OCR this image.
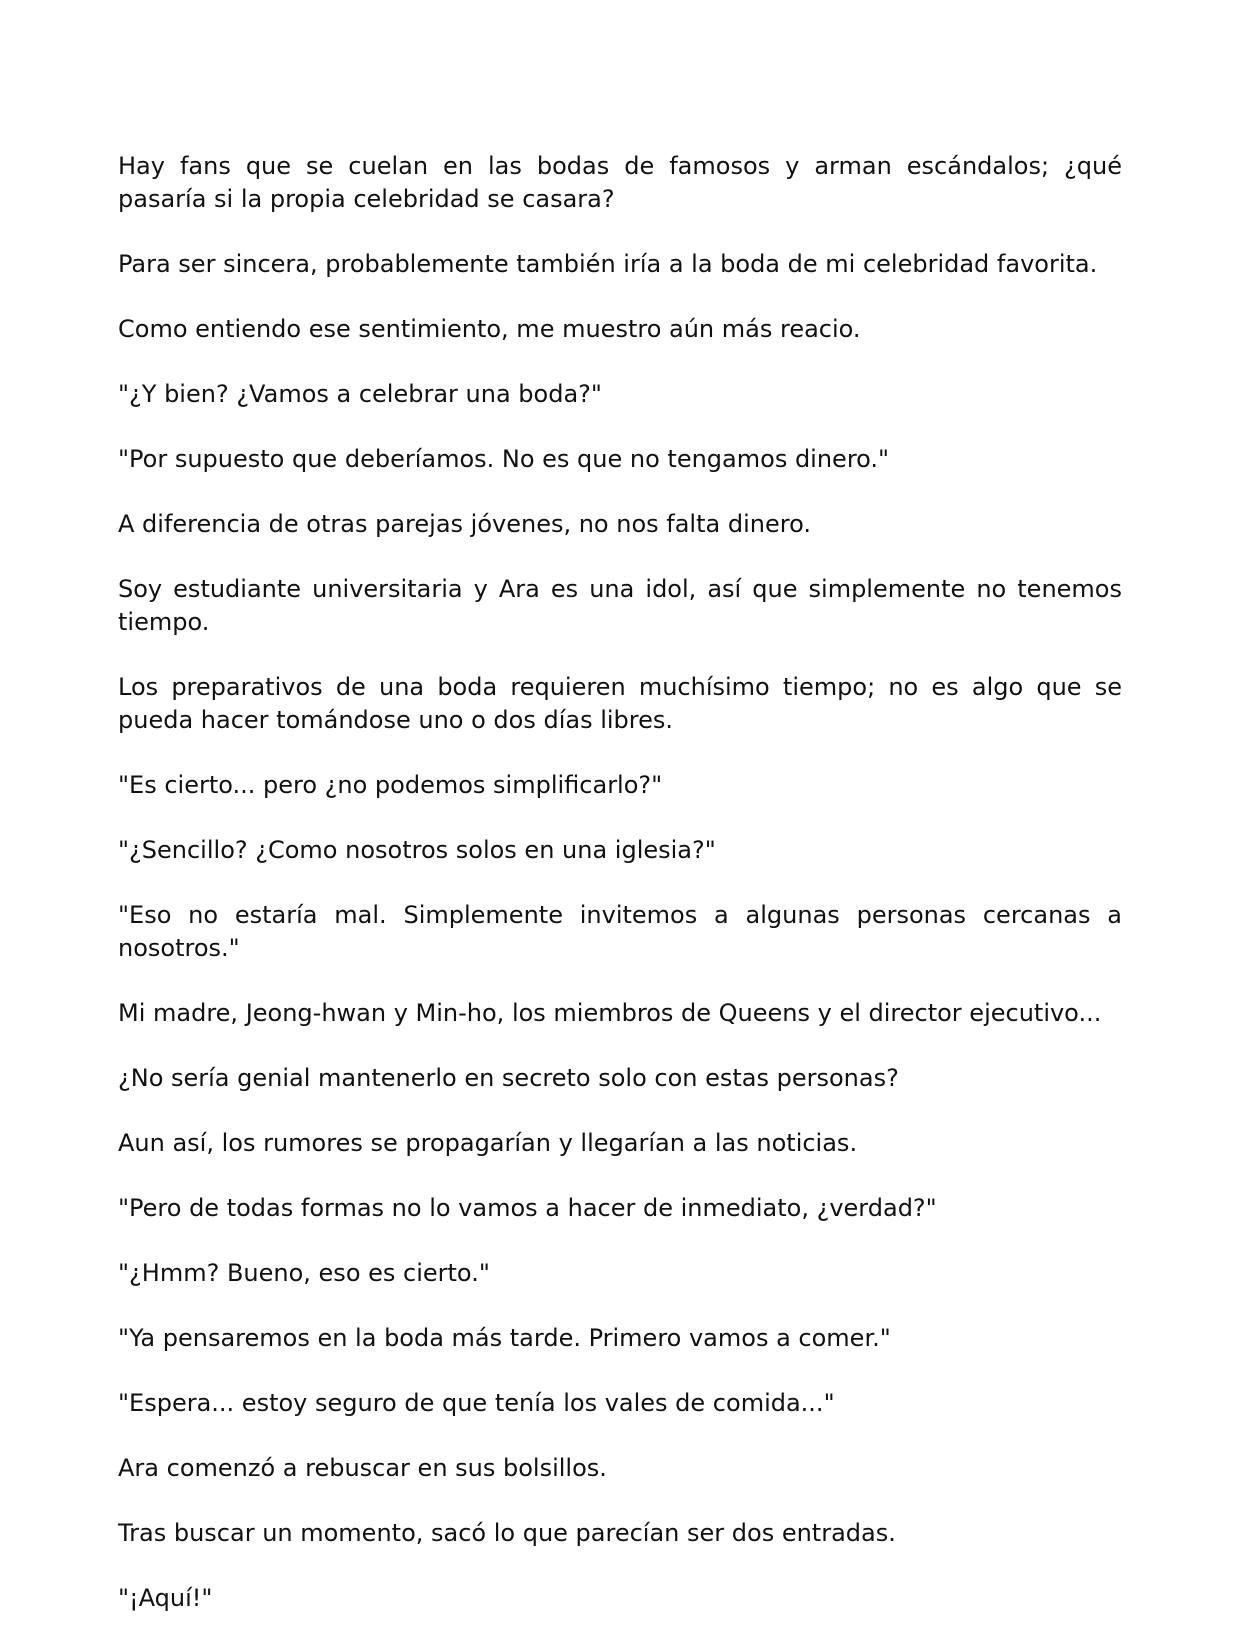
Hay fans que se cuelan en las bodas de famosos y arman escándalos; ¿qué pasaría si la propia celebridad se casara?

Para ser sincera, probablemente también iría a la boda de mi celebridad favorita.

Como entiendo ese sentimiento, me muestro aún más reacio.

"¿Y bien? ¿Vamos a celebrar una boda?"

"Por supuesto que deberíamos. No es que no tengamos dinero."

A diferencia de otras parejas jóvenes, no nos falta dinero.

Soy estudiante universitaria y Ara es una idol, así que simplemente no tenemos tiempo.

Los preparativos de una boda requieren muchísimo tiempo; no es algo que se pueda hacer tomándose uno o dos días libres.

"Es cierto... pero ¿no podemos simplificarlo?"

"¿Sencillo? ¿Como nosotros solos en una iglesia?"

"Eso no estaría mal. Simplemente invitemos a algunas personas cercanas a nosotros."

Mi madre, Jeong-hwan y Min-ho, los miembros de Queens y el director ejecutivo...

¿No sería genial mantenerlo en secreto solo con estas personas?

Aun así, los rumores se propagarían y llegarían a las noticias.

"Pero de todas formas no lo vamos a hacer de inmediato, ¿verdad?"

"¿Hmm? Bueno, eso es cierto."

"Ya pensaremos en la boda más tarde. Primero vamos a comer."

"Espera... estoy seguro de que tenía los vales de comida..."

Ara comenzó a rebuscar en sus bolsillos.

Tras buscar un momento, sacó lo que parecían ser dos entradas.

"¡Aquí!"
